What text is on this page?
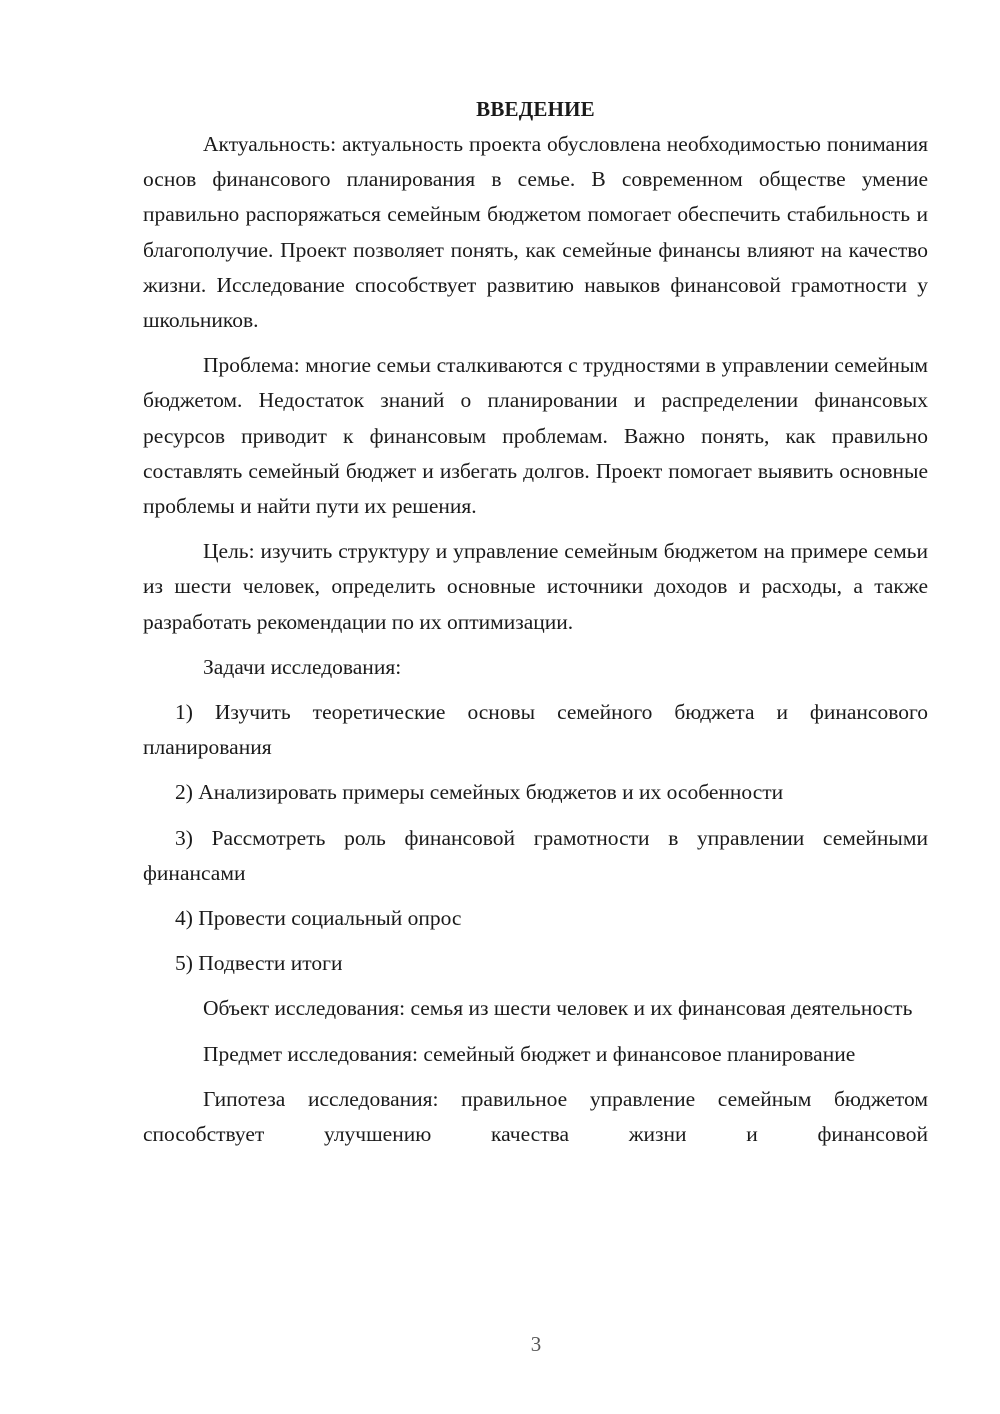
ВВЕДЕНИЕ

Актуальность: актуальность проекта обусловлена необходимостью понимания основ финансового планирования в семье. В современном обществе умение правильно распоряжаться семейным бюджетом помогает обеспечить стабильность и благополучие. Проект позволяет понять, как семейные финансы влияют на качество жизни. Исследование способствует развитию навыков финансовой грамотности у школьников.

Проблема: многие семьи сталкиваются с трудностями в управлении семейным бюджетом. Недостаток знаний о планировании и распределении финансовых ресурсов приводит к финансовым проблемам. Важно понять, как правильно составлять семейный бюджет и избегать долгов. Проект помогает выявить основные проблемы и найти пути их решения.

Цель: изучить структуру и управление семейным бюджетом на примере семьи из шести человек, определить основные источники доходов и расходы, а также разработать рекомендации по их оптимизации.

Задачи исследования:

1) Изучить теоретические основы семейного бюджета и финансового планирования

2) Анализировать примеры семейных бюджетов и их особенности

3) Рассмотреть роль финансовой грамотности в управлении семейными финансами

4) Провести социальный опрос

5) Подвести итоги

Объект исследования: семья из шести человек и их финансовая деятельность

Предмет исследования: семейный бюджет и финансовое планирование

Гипотеза исследования: правильное управление семейным бюджетом способствует улучшению качества жизни и финансовой

3
